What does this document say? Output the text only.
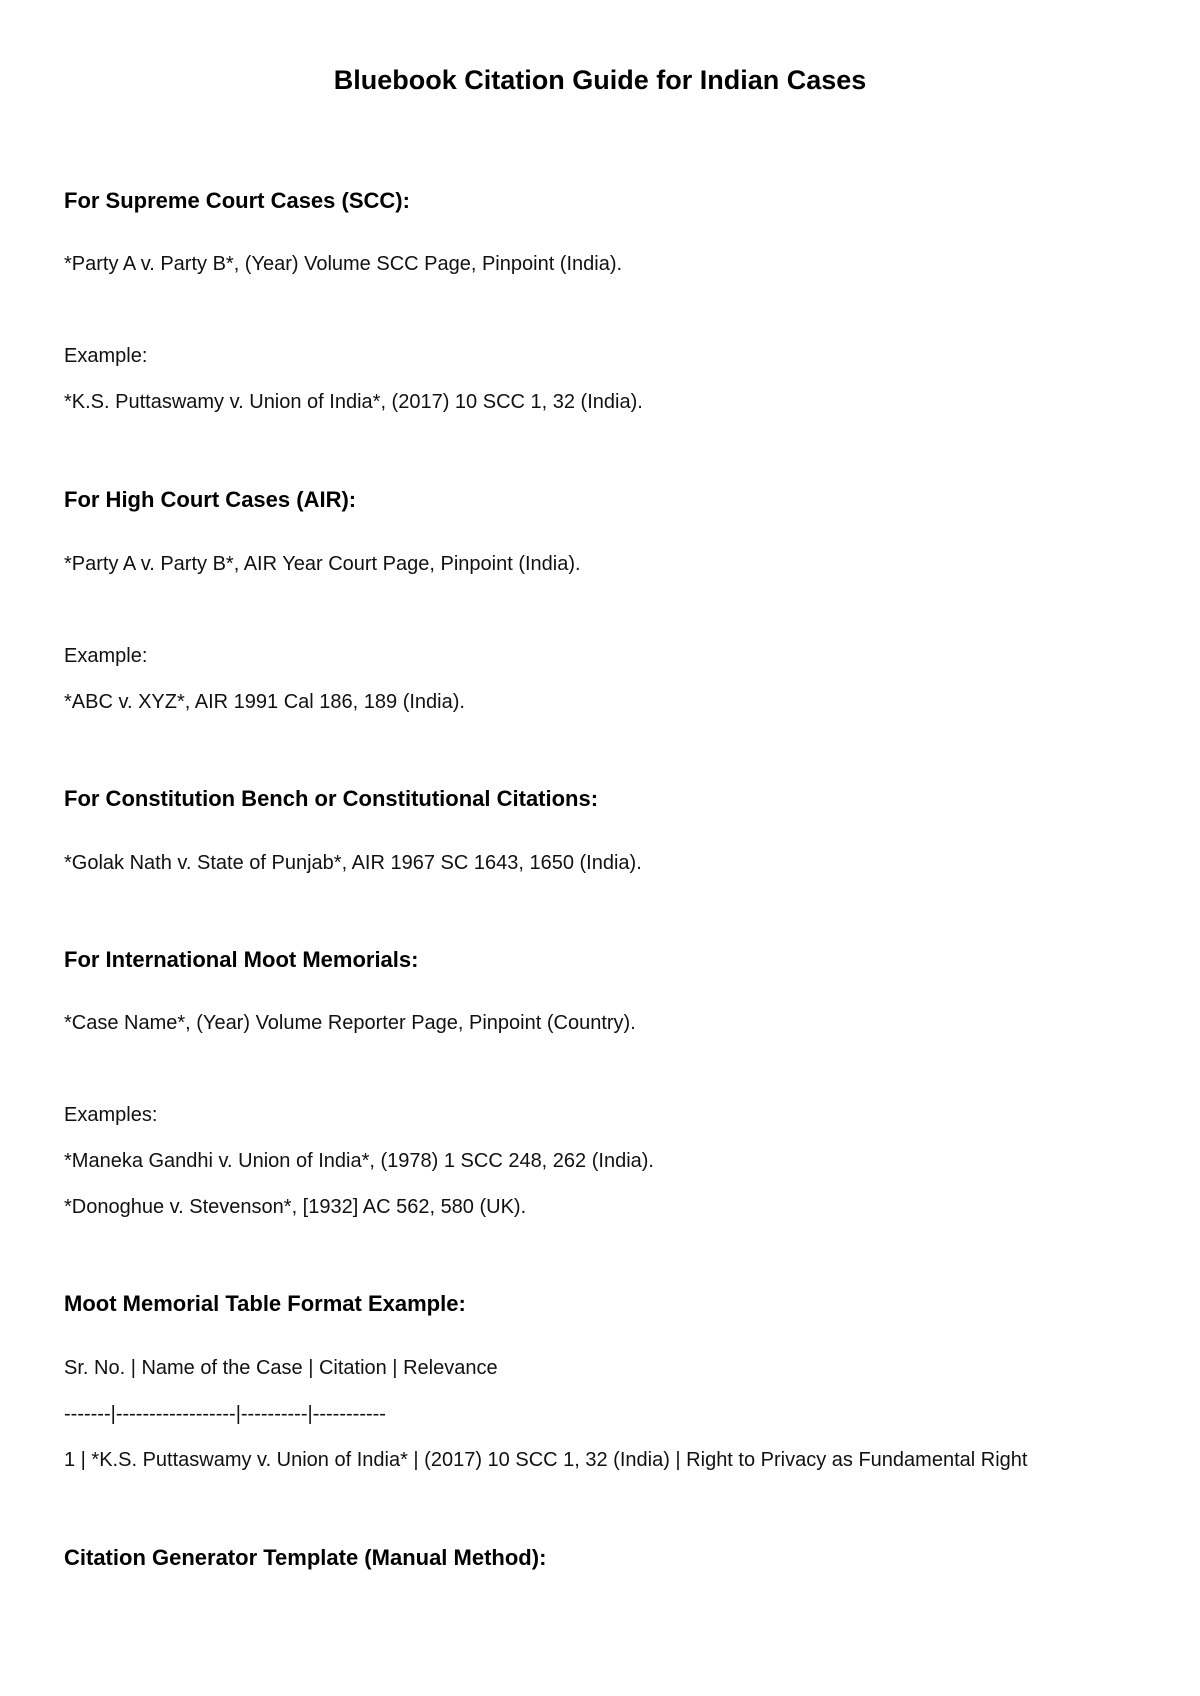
Bluebook Citation Guide for Indian Cases
For Supreme Court Cases (SCC):
*Party A v. Party B*, (Year) Volume SCC Page, Pinpoint (India).
Example:
*K.S. Puttaswamy v. Union of India*, (2017) 10 SCC 1, 32 (India).
For High Court Cases (AIR):
*Party A v. Party B*, AIR Year Court Page, Pinpoint (India).
Example:
*ABC v. XYZ*, AIR 1991 Cal 186, 189 (India).
For Constitution Bench or Constitutional Citations:
*Golak Nath v. State of Punjab*, AIR 1967 SC 1643, 1650 (India).
For International Moot Memorials:
*Case Name*, (Year) Volume Reporter Page, Pinpoint (Country).
Examples:
*Maneka Gandhi v. Union of India*, (1978) 1 SCC 248, 262 (India).
*Donoghue v. Stevenson*, [1932] AC 562, 580 (UK).
Moot Memorial Table Format Example:
Sr. No. | Name of the Case | Citation | Relevance
-------|------------------|----------|-----------
1 | *K.S. Puttaswamy v. Union of India* | (2017) 10 SCC 1, 32 (India) | Right to Privacy as Fundamental Right
Citation Generator Template (Manual Method):
